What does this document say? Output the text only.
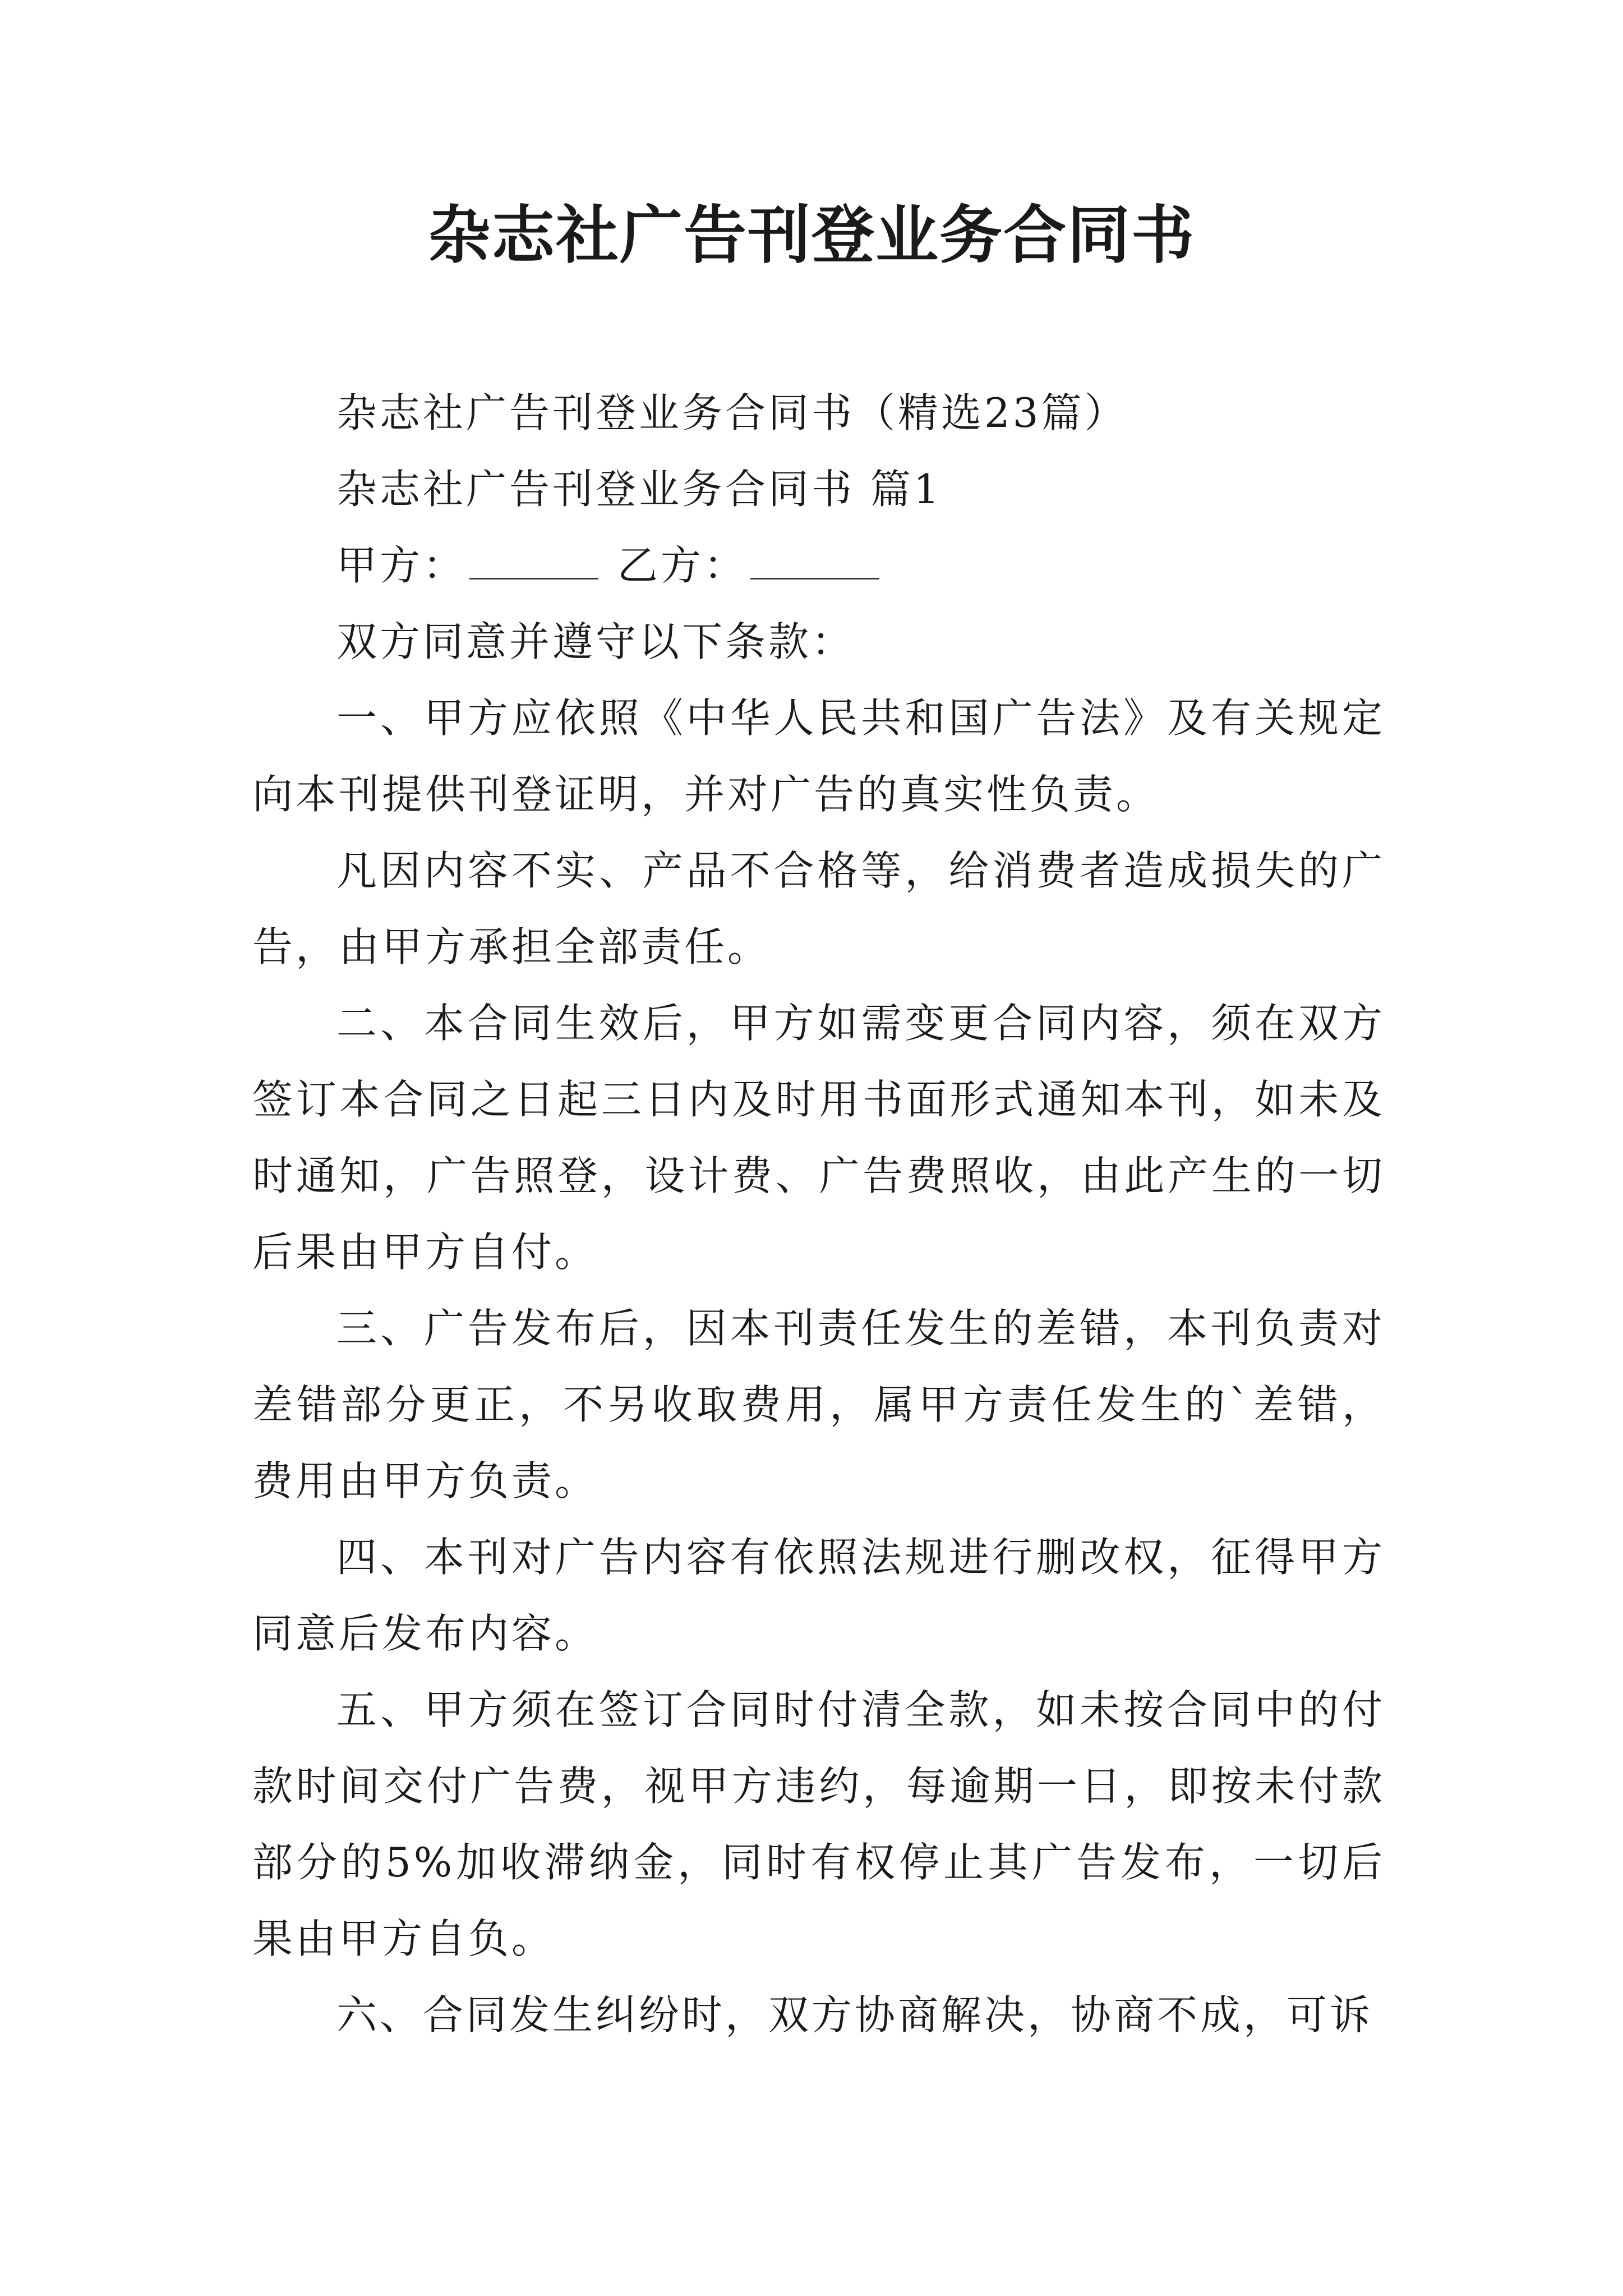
杂志社广告刊登业务合同书

杂志社广告刊登业务合同书（精选23篇）

杂志社广告刊登业务合同书 篇1

甲方：	乙方：

双方同意并遵守以下条款：

一、甲方应依照《中华人民共和国广告法》及有关规定向本刊提供刊登证明，并对广告的真实性负责。

凡因内容不实、产品不合格等，给消费者造成损失的广告，由甲方承担全部责任。

二、本合同生效后，甲方如需变更合同内容，须在双方签订本合同之日起三日内及时用书面形式通知本刊，如未及时通知，广告照登，设计费、广告费照收，由此产生的一切后果由甲方自付。

三、广告发布后，因本刊责任发生的差错，本刊负责对差错部分更正，不另收取费用，属甲方责任发生的`差错，费用由甲方负责。

四、本刊对广告内容有依照法规进行删改权，征得甲方同意后发布内容。

五、甲方须在签订合同时付清全款，如未按合同中的付款时间交付广告费，视甲方违约，每逾期一日，即按未付款部分的5%加收滞纳金，同时有权停止其广告发布，一切后果由甲方自负。

六、合同发生纠纷时，双方协商解决，协商不成，可诉
